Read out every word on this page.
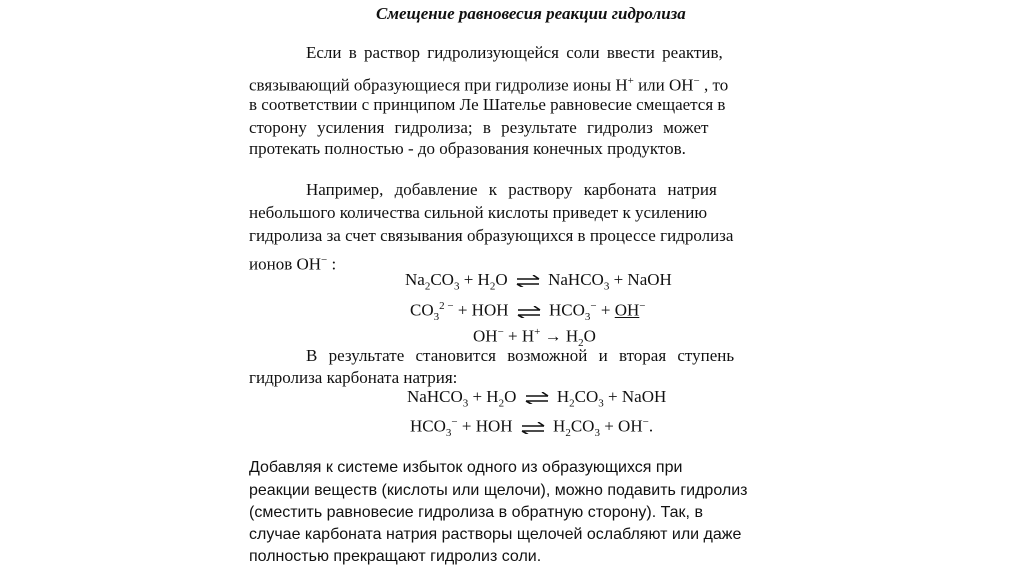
Смещение равновесия реакции гидролиза
Если в раствор гидролизующейся соли ввести реактив,
связывающий образующиеся при гидролизе ионы H+ или OH− , то
в соответствии с принципом Ле Шателье равновесие смещается в
сторону усиления гидролиза; в результате гидролиз может
протекать полностью - до образования конечных продуктов.
Например, добавление к раствору карбоната натрия
небольшого количества сильной кислоты приведет к усилению
гидролиза за счет связывания образующихся в процессе гидролиза
ионов OH− :
$Na_2CO_3 + H_2O$ ⇌ NaHCO$_3$ + NaOH
$CO_3^{2 -}$ + HOH ⇌ $HCO_3^- + OH^-$
$OH^- + H^+ \to H_2O$
В результате становится возможной и вторая ступень
гидролиза карбоната натрия:
NaHCO$_3$ + $H_2O$ ⇌ $H_2CO_3$ + NaOH
$HCO_3^-$ + HOH ⇌ $H_2CO_3 + OH^-$.
Добавляя к системе избыток одного из образующихся при
реакции веществ (кислоты или щелочи), можно подавить гидролиз
(сместить равновесие гидролиза в обратную сторону). Так, в
случае карбоната натрия растворы щелочей ослабляют или даже
полностью прекращают гидролиз соли.
